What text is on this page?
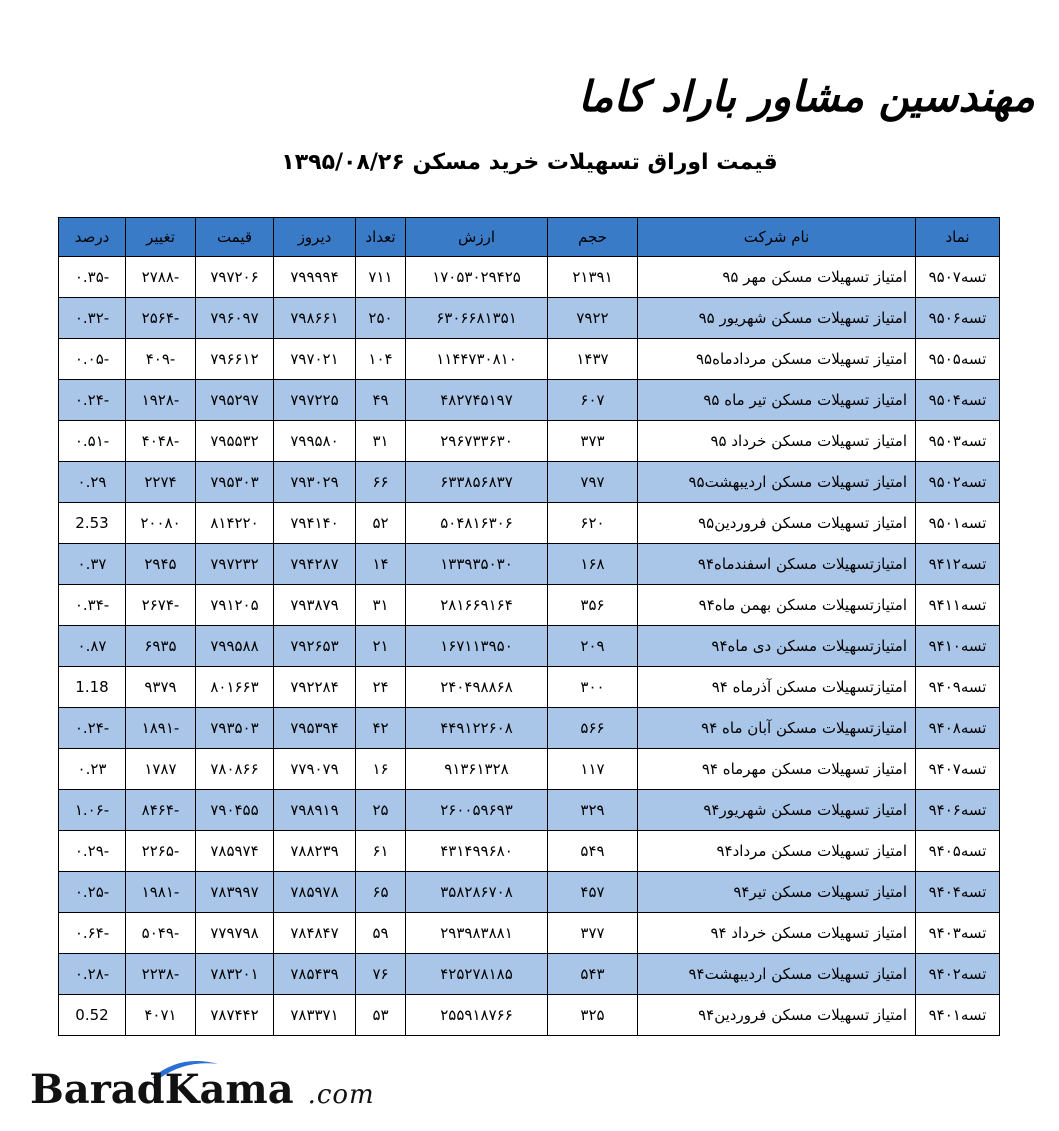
مهندسین مشاور باراد کاما
قیمت اوراق تسهیلات خرید مسکن ۱۳۹۵/۰۸/۲۶
نماد	نام شرکت	حجم	ارزش	تعداد	دیروز	قیمت	تغییر	درصد
تسه۹۵۰۷	امتیاز تسهیلات مسکن مهر ۹۵	۲۱۳۹۱	۱۷۰۵۳۰۲۹۴۲۵	۷۱۱	۷۹۹۹۹۴	۷۹۷۲۰۶	-۲۷۸۸	-۰.۳۵
تسه۹۵۰۶	امتیاز تسهیلات مسکن شهریور ۹۵	۷۹۲۲	۶۳۰۶۶۸۱۳۵۱	۲۵۰	۷۹۸۶۶۱	۷۹۶۰۹۷	-۲۵۶۴	-۰.۳۲
تسه۹۵۰۵	امتیاز تسهیلات مسکن مردادماه۹۵	۱۴۳۷	۱۱۴۴۷۳۰۸۱۰	۱۰۴	۷۹۷۰۲۱	۷۹۶۶۱۲	-۴۰۹	-۰.۰۵
تسه۹۵۰۴	امتیاز تسهیلات مسکن تیر ماه ۹۵	۶۰۷	۴۸۲۷۴۵۱۹۷	۴۹	۷۹۷۲۲۵	۷۹۵۲۹۷	-۱۹۲۸	-۰.۲۴
تسه۹۵۰۳	امتیاز تسهیلات مسکن خرداد ۹۵	۳۷۳	۲۹۶۷۳۳۶۳۰	۳۱	۷۹۹۵۸۰	۷۹۵۵۳۲	-۴۰۴۸	-۰.۵۱
تسه۹۵۰۲	امتیاز تسهیلات مسکن اردیبهشت۹۵	۷۹۷	۶۳۳۸۵۶۸۳۷	۶۶	۷۹۳۰۲۹	۷۹۵۳۰۳	۲۲۷۴	۰.۲۹
تسه۹۵۰۱	امتیاز تسهیلات مسکن فروردین۹۵	۶۲۰	۵۰۴۸۱۶۳۰۶	۵۲	۷۹۴۱۴۰	۸۱۴۲۲۰	۲۰۰۸۰	2.53
تسه۹۴۱۲	امتیازتسهیلات مسکن اسفندماه۹۴	۱۶۸	۱۳۳۹۳۵۰۳۰	۱۴	۷۹۴۲۸۷	۷۹۷۲۳۲	۲۹۴۵	۰.۳۷
تسه۹۴۱۱	امتیازتسهیلات مسکن بهمن ماه۹۴	۳۵۶	۲۸۱۶۶۹۱۶۴	۳۱	۷۹۳۸۷۹	۷۹۱۲۰۵	-۲۶۷۴	-۰.۳۴
تسه۹۴۱۰	امتیازتسهیلات مسکن دی ماه۹۴	۲۰۹	۱۶۷۱۱۳۹۵۰	۲۱	۷۹۲۶۵۳	۷۹۹۵۸۸	۶۹۳۵	۰.۸۷
تسه۹۴۰۹	امتیازتسهیلات مسکن آذرماه ۹۴	۳۰۰	۲۴۰۴۹۸۸۶۸	۲۴	۷۹۲۲۸۴	۸۰۱۶۶۳	۹۳۷۹	1.18
تسه۹۴۰۸	امتیازتسهیلات مسکن آبان ماه ۹۴	۵۶۶	۴۴۹۱۲۲۶۰۸	۴۲	۷۹۵۳۹۴	۷۹۳۵۰۳	-۱۸۹۱	-۰.۲۴
تسه۹۴۰۷	امتیاز تسهیلات مسکن مهرماه ۹۴	۱۱۷	۹۱۳۶۱۳۲۸	۱۶	۷۷۹۰۷۹	۷۸۰۸۶۶	۱۷۸۷	۰.۲۳
تسه۹۴۰۶	امتیاز تسهیلات مسکن شهریور۹۴	۳۲۹	۲۶۰۰۵۹۶۹۳	۲۵	۷۹۸۹۱۹	۷۹۰۴۵۵	-۸۴۶۴	-۱.۰۶
تسه۹۴۰۵	امتیاز تسهیلات مسکن مرداد۹۴	۵۴۹	۴۳۱۴۹۹۶۸۰	۶۱	۷۸۸۲۳۹	۷۸۵۹۷۴	-۲۲۶۵	-۰.۲۹
تسه۹۴۰۴	امتیاز تسهیلات مسکن تیر۹۴	۴۵۷	۳۵۸۲۸۶۷۰۸	۶۵	۷۸۵۹۷۸	۷۸۳۹۹۷	-۱۹۸۱	-۰.۲۵
تسه۹۴۰۳	امتیاز تسهیلات مسکن خرداد ۹۴	۳۷۷	۲۹۳۹۸۳۸۸۱	۵۹	۷۸۴۸۴۷	۷۷۹۷۹۸	-۵۰۴۹	-۰.۶۴
تسه۹۴۰۲	امتیاز تسهیلات مسکن اردیبهشت۹۴	۵۴۳	۴۲۵۲۷۸۱۸۵	۷۶	۷۸۵۴۳۹	۷۸۳۲۰۱	-۲۲۳۸	-۰.۲۸
تسه۹۴۰۱	امتیاز تسهیلات مسکن فروردین۹۴	۳۲۵	۲۵۵۹۱۸۷۶۶	۵۳	۷۸۳۳۷۱	۷۸۷۴۴۲	۴۰۷۱	0.52
BaradKama .com
